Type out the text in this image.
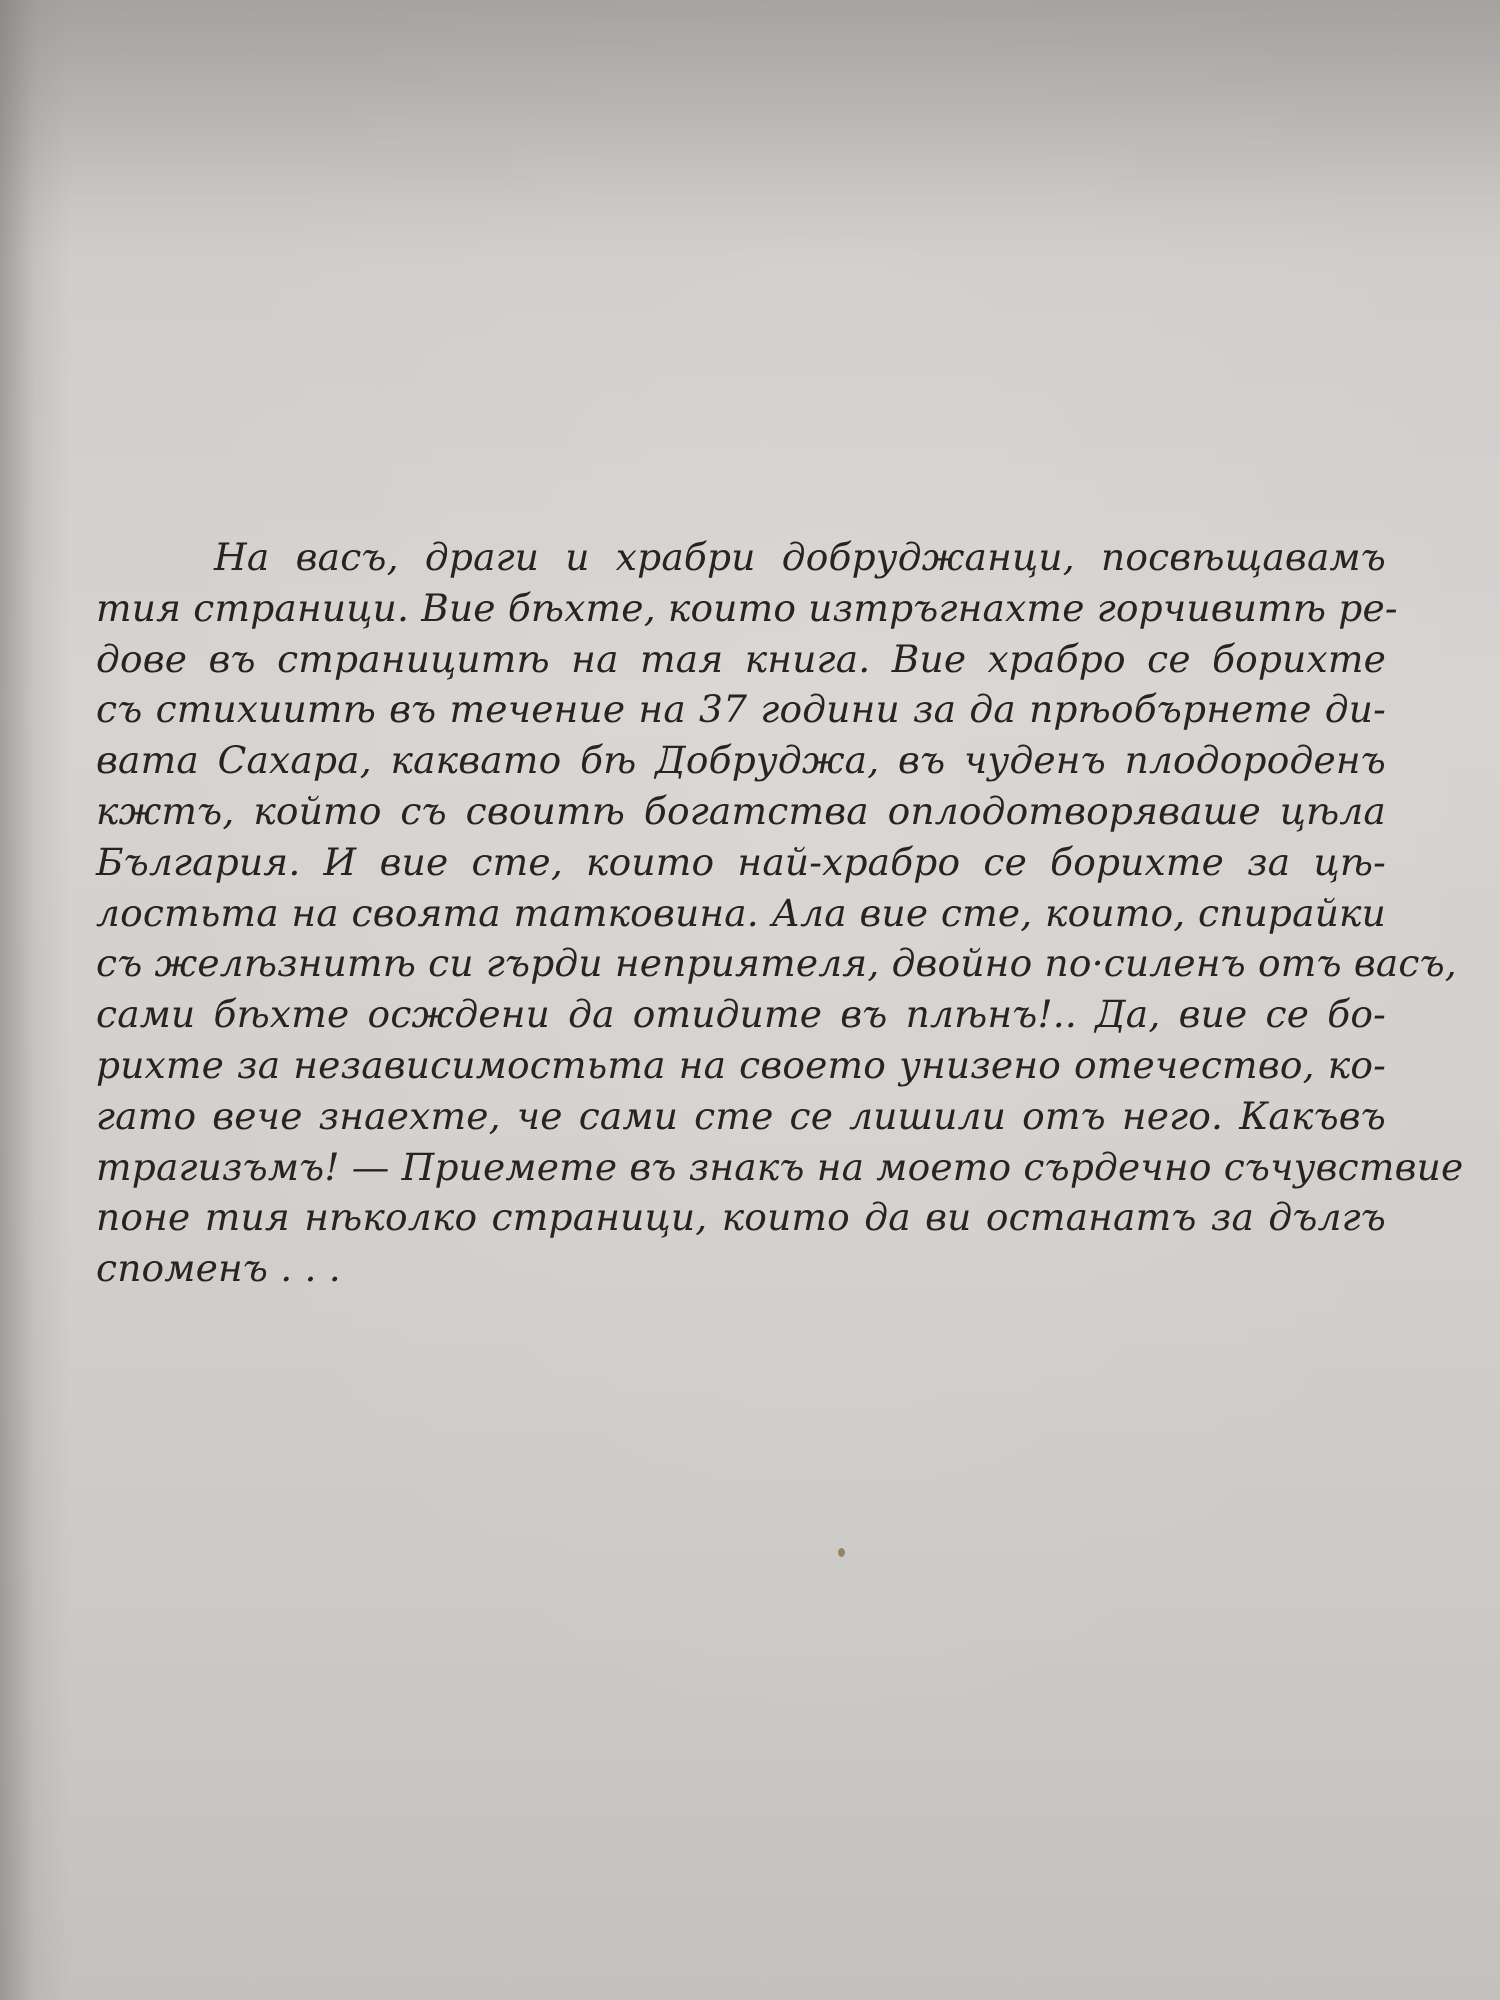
На васъ, драги и храбри добруджанци, посвѣщавамъ
тия страници. Вие бѣхте, които изтръгнахте горчивитѣ ре-
дове въ страницитѣ на тая книга. Вие храбро се борихте
съ стихиитѣ въ течение на 37 години за да прѣобърнете ди-
вата Сахара, каквато бѣ Добруджа, въ чуденъ плодороденъ
кжтъ, който съ своитѣ богатства оплодотворяваше цѣла
България. И вие сте, които най-храбро се борихте за цѣ-
лостьта на своята татковина. Ала вие сте, които, спирайки
съ желѣзнитѣ си гърди неприятеля, двойно по·силенъ отъ васъ,
сами бѣхте осждени да отидите въ плѣнъ!.. Да, вие се бо-
рихте за независимостьта на своето унизено отечество, ко-
гато вече знаехте, че сами сте се лишили отъ него. Какъвъ
трагизъмъ! — Приемете въ знакъ на моето сърдечно съчувствие
поне тия нѣколко страници, които да ви останатъ за дългъ
споменъ . . .
